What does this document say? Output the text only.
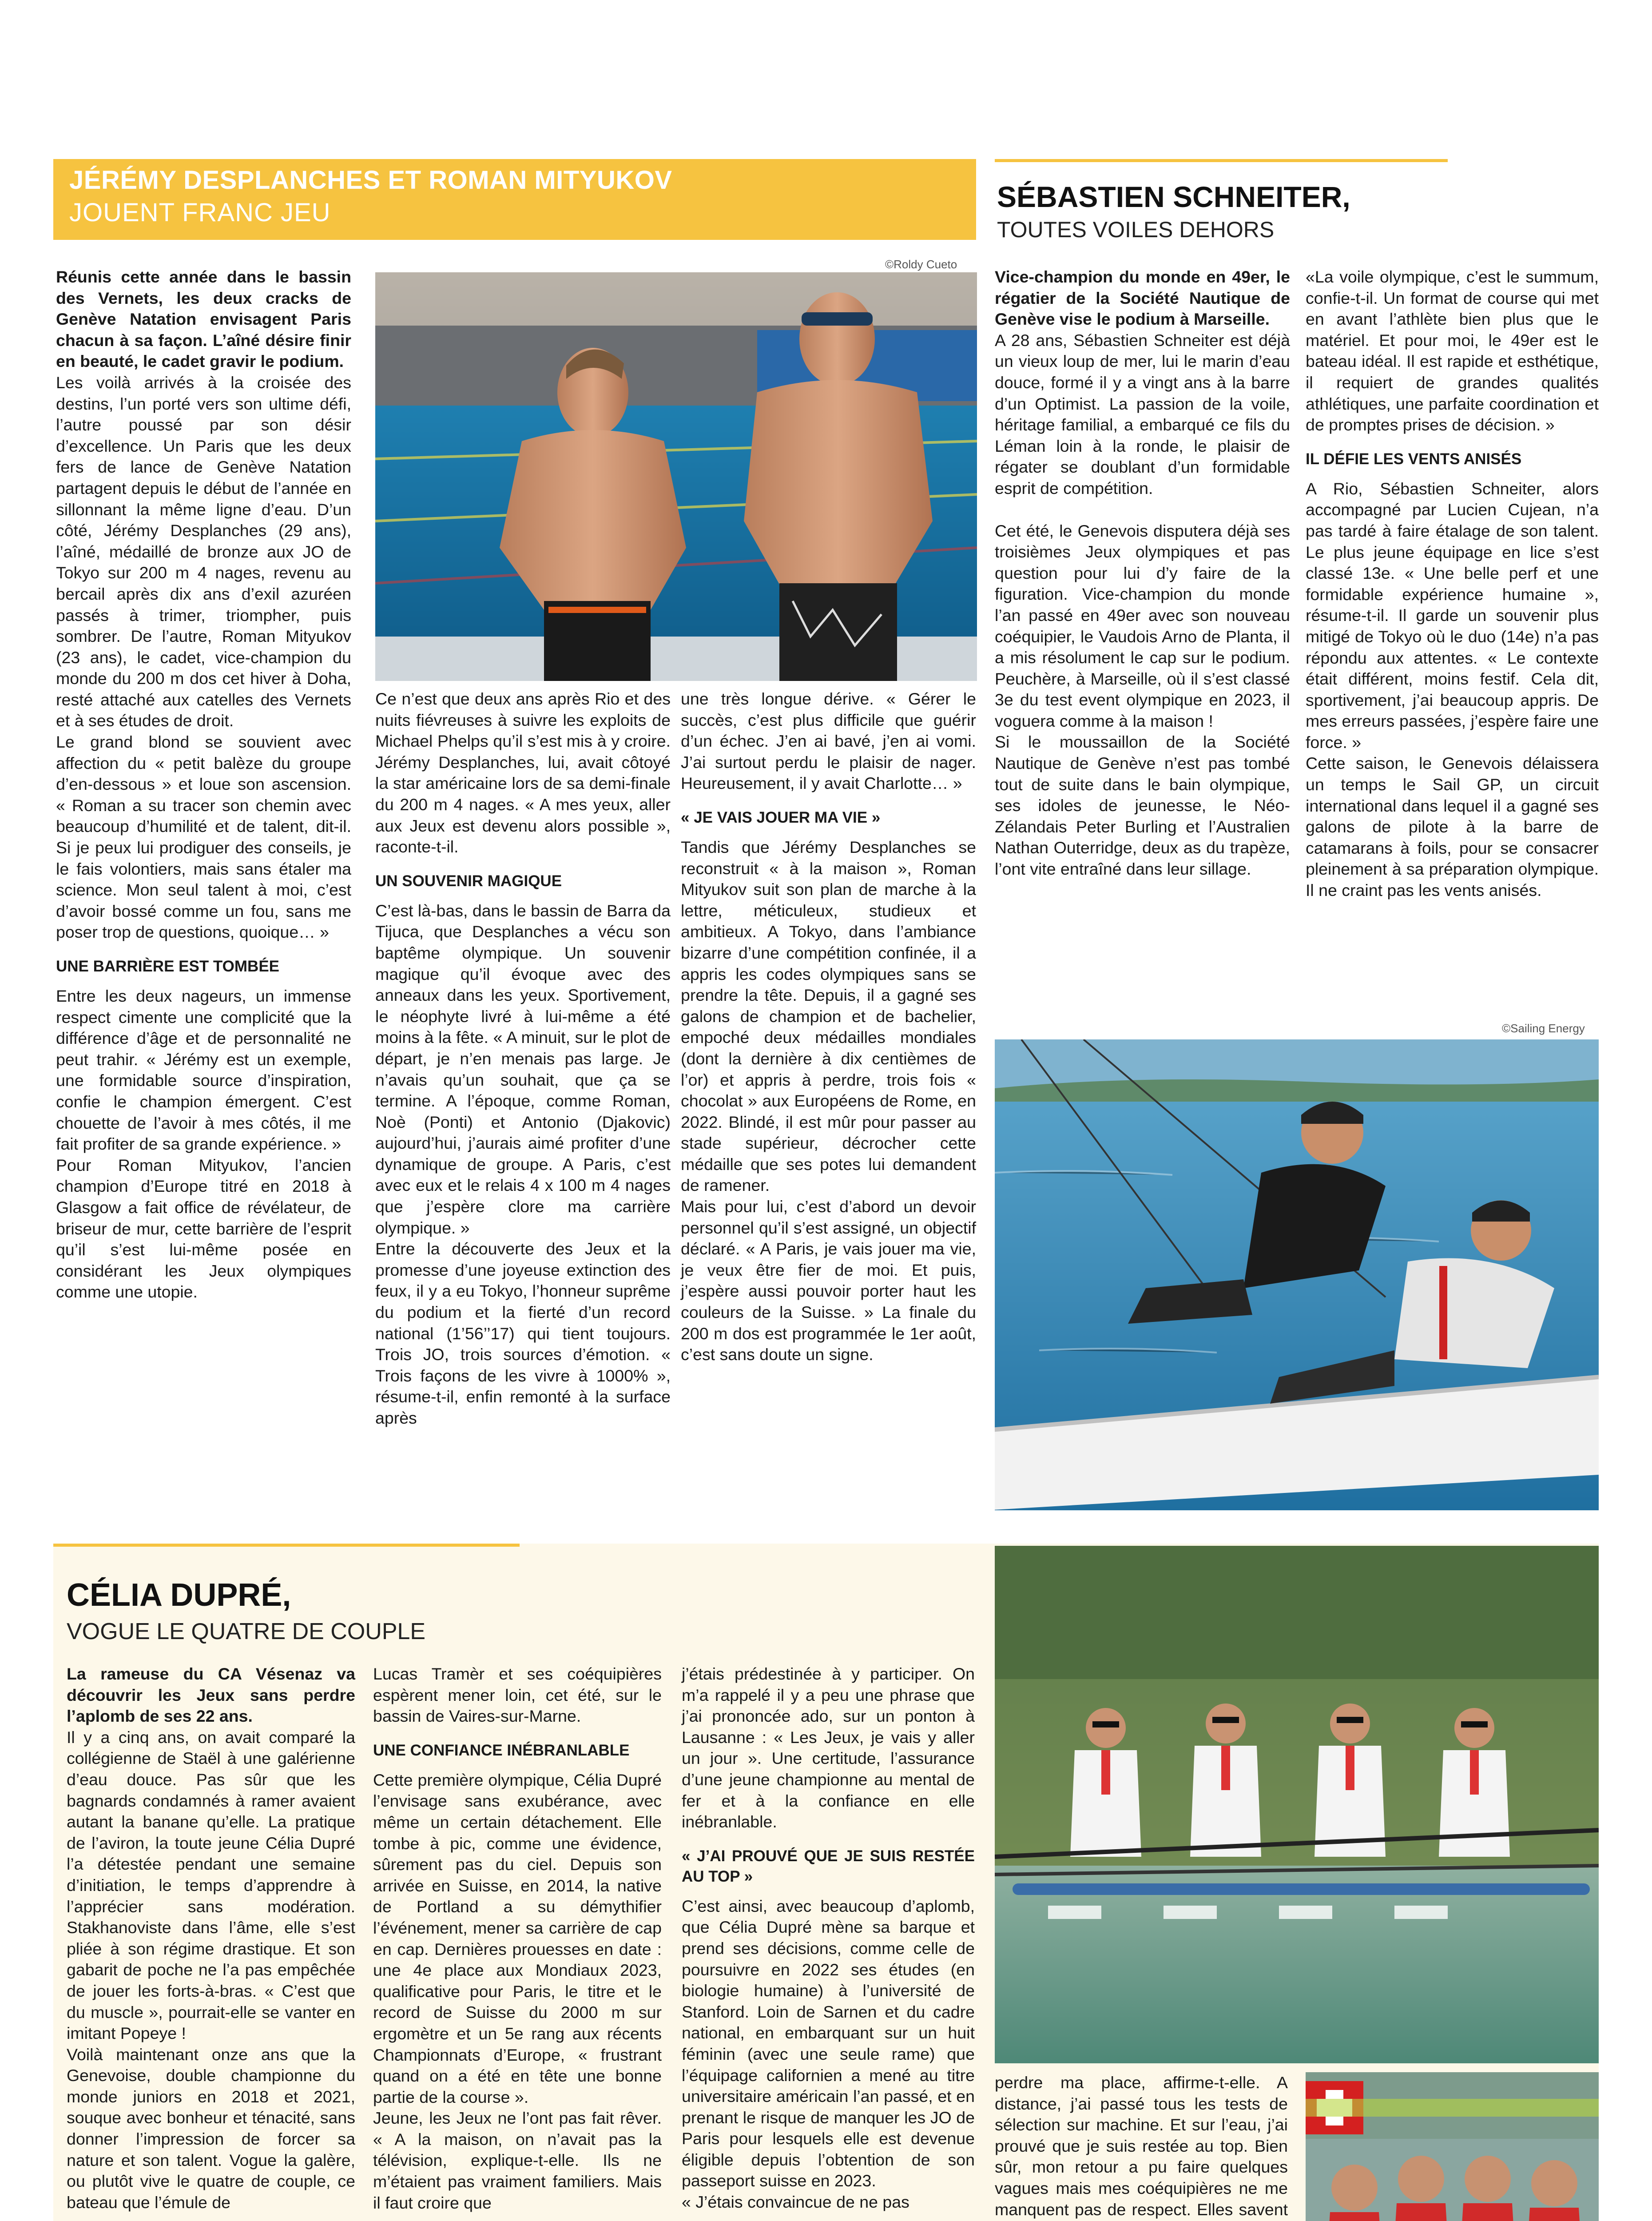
JÉRÉMY DESPLANCHES ET ROMAN MITYUKOV
JOUENT FRANC JEU
©Roldy Cueto

Réunis cette année dans le bassin des Vernets, les deux cracks de Genève Natation envisagent Paris chacun à sa façon. L’aîné désire finir en beauté, le cadet gravir le podium.

Les voilà arrivés à la croisée des destins, l’un porté vers son ultime défi, l’autre poussé par son désir d’excellence. Un Paris que les deux fers de lance de Genève Natation partagent depuis le début de l’année en sillonnant la même ligne d’eau. D’un côté, Jérémy Desplanches (29 ans), l’aîné, médaillé de bronze aux JO de Tokyo sur 200 m 4 nages, revenu au bercail après dix ans d’exil azuréen passés à trimer, triompher, puis sombrer. De l’autre, Roman Mityukov (23 ans), le cadet, vice-champion du monde du 200 m dos cet hiver à Doha, resté attaché aux catelles des Vernets et à ses études de droit.

Le grand blond se souvient avec affection du « petit balèze du groupe d’en-dessous » et loue son ascension. « Roman a su tracer son chemin avec beaucoup d’humilité et de talent, dit-il. Si je peux lui prodiguer des conseils, je le fais volontiers, mais sans étaler ma science. Mon seul talent à moi, c’est d’avoir bossé comme un fou, sans me poser trop de questions, quoique… »

UNE BARRIÈRE EST TOMBÉE

Entre les deux nageurs, un immense respect cimente une complicité que la différence d’âge et de personnalité ne peut trahir. « Jérémy est un exemple, une formidable source d’inspiration, confie le champion émergent. C’est chouette de l’avoir à mes côtés, il me fait profiter de sa grande expérience. »

Pour Roman Mityukov, l’ancien champion d’Europe titré en 2018 à Glasgow a fait office de révélateur, de briseur de mur, cette barrière de l’esprit qu’il s’est lui-même posée en considérant les Jeux olympiques comme une utopie.

Ce n’est que deux ans après Rio et des nuits fiévreuses à suivre les exploits de Michael Phelps qu’il s’est mis à y croire. Jérémy Desplanches, lui, avait côtoyé la star américaine lors de sa demi-finale du 200 m 4 nages. « A mes yeux, aller aux Jeux est devenu alors possible », raconte-t-il.

UN SOUVENIR MAGIQUE

C’est là-bas, dans le bassin de Barra da Tijuca, que Desplanches a vécu son baptême olympique. Un souvenir magique qu’il évoque avec des anneaux dans les yeux. Sportivement, le néophyte livré à lui-même a été moins à la fête. « A minuit, sur le plot de départ, je n’en menais pas large. Je n’avais qu’un souhait, que ça se termine. A l’époque, comme Roman, Noè (Ponti) et Antonio (Djakovic) aujourd’hui, j’aurais aimé profiter d’une dynamique de groupe. A Paris, c’est avec eux et le relais 4 x 100 m 4 nages que j’espère clore ma carrière olympique. »

Entre la découverte des Jeux et la promesse d’une joyeuse extinction des feux, il y a eu Tokyo, l’honneur suprême du podium et la fierté d’un record national (1’56’’17) qui tient toujours. Trois JO, trois sources d’émotion. « Trois façons de les vivre à 1000% », résume-t-il, enfin remonté à la surface après

une très longue dérive. « Gérer le succès, c’est plus difficile que guérir d’un échec. J’en ai bavé, j’en ai vomi. J’ai surtout perdu le plaisir de nager. Heureusement, il y avait Charlotte… »

« JE VAIS JOUER MA VIE »

Tandis que Jérémy Desplanches se reconstruit « à la maison », Roman Mityukov suit son plan de marche à la lettre, méticuleux, studieux et ambitieux. A Tokyo, dans l’ambiance bizarre d’une compétition confinée, il a appris les codes olympiques sans se prendre la tête. Depuis, il a gagné ses galons de champion et de bachelier, empoché deux médailles mondiales (dont la dernière à dix centièmes de l’or) et appris à perdre, trois fois « chocolat » aux Européens de Rome, en 2022. Blindé, il est mûr pour passer au stade supérieur, décrocher cette médaille que ses potes lui demandent de ramener.

Mais pour lui, c’est d’abord un devoir personnel qu’il s’est assigné, un objectif déclaré. « A Paris, je vais jouer ma vie, je veux être fier de moi. Et puis, j’espère aussi pouvoir porter haut les couleurs de la Suisse. » La finale du 200 m dos est programmée le 1er août, c’est sans doute un signe.

SÉBASTIEN SCHNEITER,
TOUTES VOILES DEHORS

Vice-champion du monde en 49er, le régatier de la Société Nautique de Genève vise le podium à Marseille.

A 28 ans, Sébastien Schneiter est déjà un vieux loup de mer, lui le marin d’eau douce, formé il y a vingt ans à la barre d’un Optimist. La passion de la voile, héritage familial, a embarqué ce fils du Léman loin à la ronde, le plaisir de régater se doublant d’un formidable esprit de compétition.

Cet été, le Genevois disputera déjà ses troisièmes Jeux olympiques et pas question pour lui d’y faire de la figuration. Vice-champion du monde l’an passé en 49er avec son nouveau coéquipier, le Vaudois Arno de Planta, il a mis résolument le cap sur le podium. Peuchère, à Marseille, où il s’est classé 3e du test event olympique en 2023, il voguera comme à la maison !

Si le moussaillon de la Société Nautique de Genève n’est pas tombé tout de suite dans le bain olympique, ses idoles de jeunesse, le Néo-Zélandais Peter Burling et l’Australien Nathan Outerridge, deux as du trapèze, l’ont vite entraîné dans leur sillage.

«La voile olympique, c’est le summum, confie-t-il. Un format de course qui met en avant l’athlète bien plus que le matériel. Et pour moi, le 49er est le bateau idéal. Il est rapide et esthétique, il requiert de grandes qualités athlétiques, une parfaite coordination et de promptes prises de décision. »

IL DÉFIE LES VENTS ANISÉS

A Rio, Sébastien Schneiter, alors accompagné par Lucien Cujean, n’a pas tardé à faire étalage de son talent. Le plus jeune équipage en lice s’est classé 13e. « Une belle perf et une formidable expérience humaine », résume-t-il. Il garde un souvenir plus mitigé de Tokyo où le duo (14e) n’a pas répondu aux attentes. « Le contexte était différent, moins festif. Cela dit, sportivement, j’ai beaucoup appris. De mes erreurs passées, j’espère faire une force. »

Cette saison, le Genevois délaissera un temps le Sail GP, un circuit international dans lequel il a gagné ses galons de pilote à la barre de catamarans à foils, pour se consacrer pleinement à sa préparation olympique. Il ne craint pas les vents anisés.

©Sailing Energy
CÉLIA DUPRÉ,
VOGUE LE QUATRE DE COUPLE

La rameuse du CA Vésenaz va découvrir les Jeux sans perdre l’aplomb de ses 22 ans.

Il y a cinq ans, on avait comparé la collégienne de Staël à une galérienne d’eau douce. Pas sûr que les bagnards condamnés à ramer avaient autant la banane qu’elle. La pratique de l’aviron, la toute jeune Célia Dupré l’a détestée pendant une semaine d’initiation, le temps d’apprendre à l’apprécier sans modération. Stakhanoviste dans l’âme, elle s’est pliée à son régime drastique. Et son gabarit de poche ne l’a pas empêchée de jouer les forts-à-bras. « C’est que du muscle », pourrait-elle se vanter en imitant Popeye !

Voilà maintenant onze ans que la Genevoise, double championne du monde juniors en 2018 et 2021, souque avec bonheur et ténacité, sans donner l’impression de forcer sa nature et son talent. Vogue la galère, ou plutôt vive le quatre de couple, ce bateau que l’émule de

Lucas Tramèr et ses coéquipières espèrent mener loin, cet été, sur le bassin de Vaires-sur-Marne.

UNE CONFIANCE INÉBRANLABLE

Cette première olympique, Célia Dupré l’envisage sans exubérance, avec même un certain détachement. Elle tombe à pic, comme une évidence, sûrement pas du ciel. Depuis son arrivée en Suisse, en 2014, la native de Portland a su démythifier l’événement, mener sa carrière de cap en cap. Dernières prouesses en date : une 4e place aux Mondiaux 2023, qualificative pour Paris, le titre et le record de Suisse du 2000 m sur ergomètre et un 5e rang aux récents Championnats d’Europe, « frustrant quand on a été en tête une bonne partie de la course ».

Jeune, les Jeux ne l’ont pas fait rêver. « A la maison, on n’avait pas la télévision, explique-t-elle. Ils ne m’étaient pas vraiment familiers. Mais il faut croire que

j’étais prédestinée à y participer. On m’a rappelé il y a peu une phrase que j’ai prononcée ado, sur un ponton à Lausanne : « Les Jeux, je vais y aller un jour ». Une certitude, l’assurance d’une jeune championne au mental de fer et à la confiance en elle inébranlable.

« J’AI PROUVÉ QUE JE SUIS RESTÉE AU TOP »

C’est ainsi, avec beaucoup d’aplomb, que Célia Dupré mène sa barque et prend ses décisions, comme celle de poursuivre en 2022 ses études (en biologie humaine) à l’université de Stanford. Loin de Sarnen et du cadre national, en embarquant sur un huit féminin (avec une seule rame) que l’équipage californien a mené au titre universitaire américain l’an passé, et en prenant le risque de manquer les JO de Paris pour lesquels elle est devenue éligible depuis l’obtention de son passeport suisse en 2023.

« J’étais convaincue de ne pas

perdre ma place, affirme-t-elle. A distance, j’ai passé tous les tests de sélection sur machine. Et sur l’eau, j’ai prouvé que je suis restée au top. Bien sûr, mon retour a pu faire quelques vagues mais mes coéquipières ne me manquent pas de respect. Elles savent
